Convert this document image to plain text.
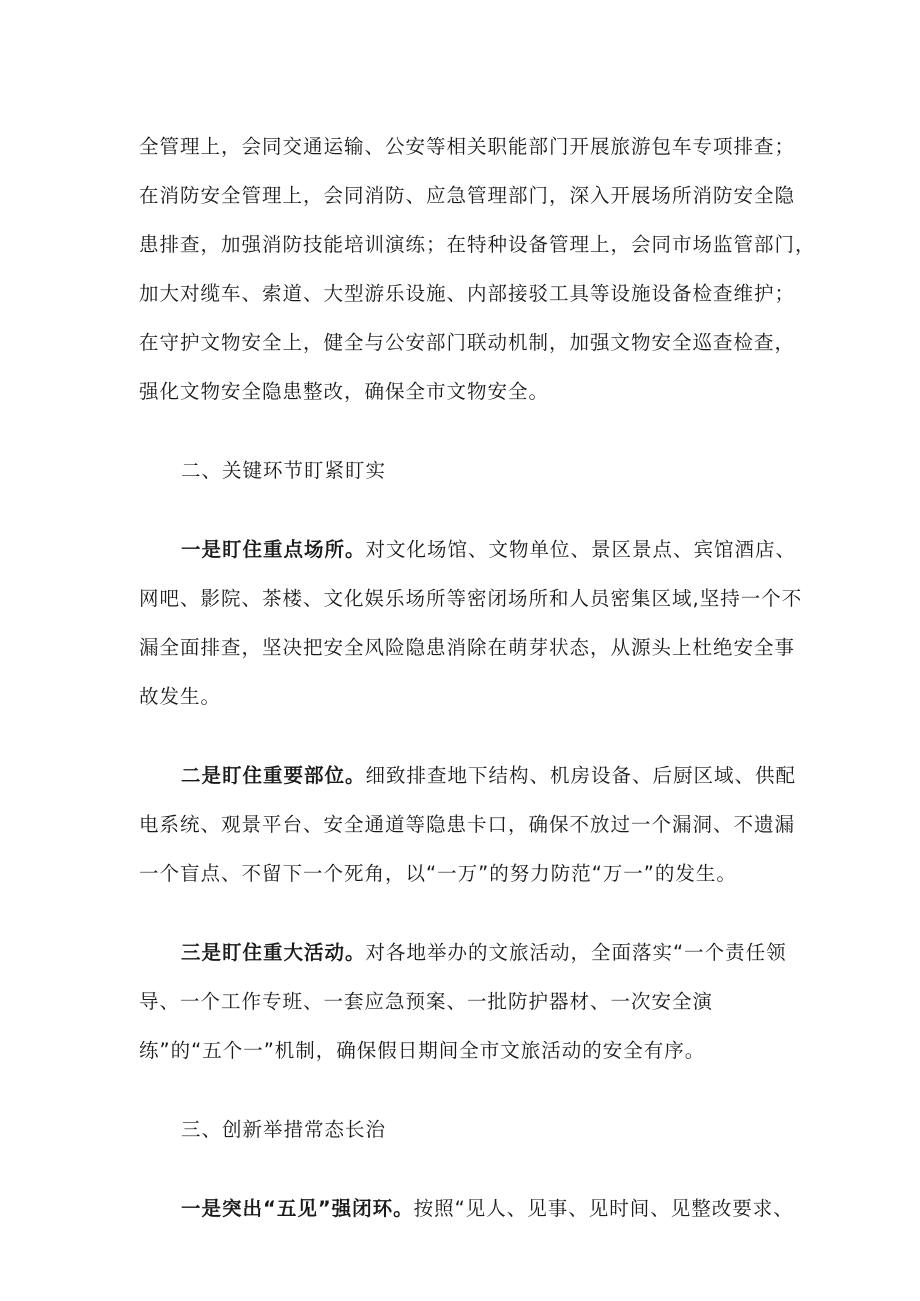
全管理上，会同交通运输、公安等相关职能部门开展旅游包车专项排查；
在消防安全管理上，会同消防、应急管理部门，深入开展场所消防安全隐
患排查，加强消防技能培训演练；在特种设备管理上，会同市场监管部门，
加大对缆车、索道、大型游乐设施、内部接驳工具等设施设备检查维护；
在守护文物安全上，健全与公安部门联动机制，加强文物安全巡查检查，
强化文物安全隐患整改，确保全市文物安全。
二、关键环节盯紧盯实
一是盯住重点场所。对文化场馆、文物单位、景区景点、宾馆酒店、
网吧、影院、茶楼、文化娱乐场所等密闭场所和人员密集区域,坚持一个不
漏全面排查，坚决把安全风险隐患消除在萌芽状态，从源头上杜绝安全事
故发生。
二是盯住重要部位。细致排查地下结构、机房设备、后厨区域、供配
电系统、观景平台、安全通道等隐患卡口，确保不放过一个漏洞、不遗漏
一个盲点、不留下一个死角，以“一万”的努力防范“万一”的发生。
三是盯住重大活动。对各地举办的文旅活动，全面落实“一个责任领
导、一个工作专班、一套应急预案、一批防护器材、一次安全演
练”的“五个一”机制，确保假日期间全市文旅活动的安全有序。
三、创新举措常态长治
一是突出“五见”强闭环。按照“见人、见事、见时间、见整改要求、
